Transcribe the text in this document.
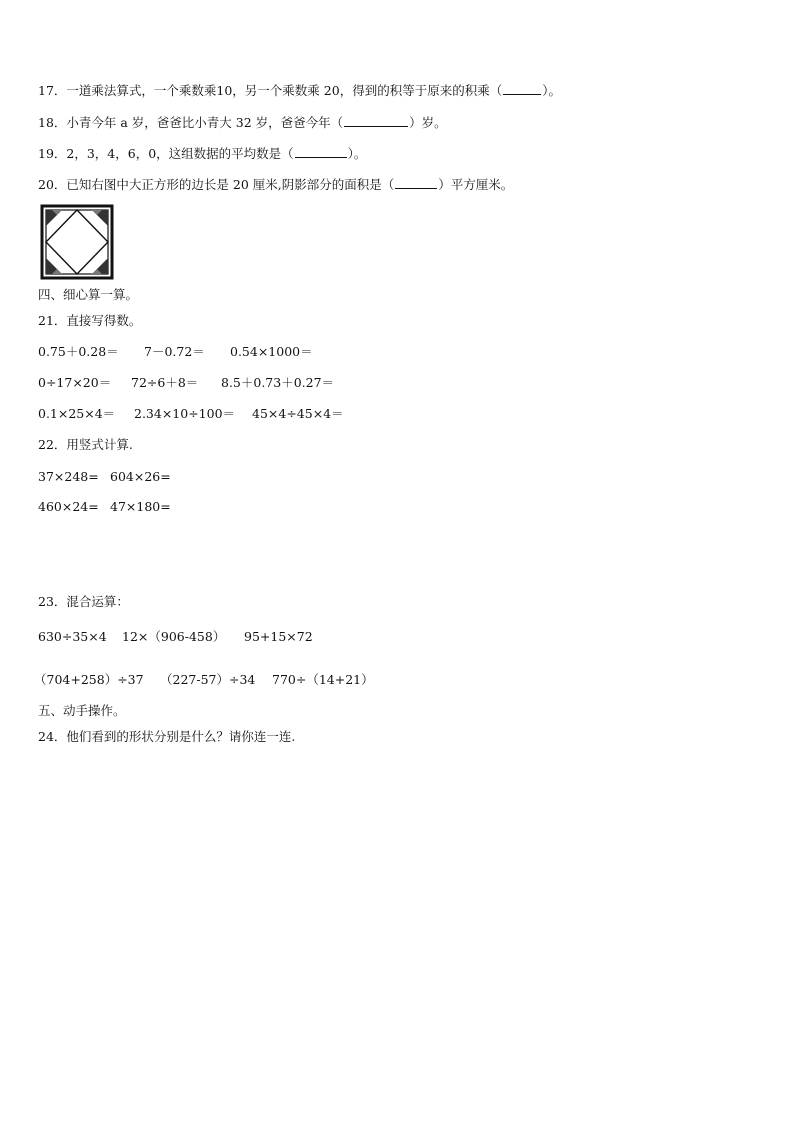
17．一道乘法算式，一个乘数乘10，另一个乘数乘 20，得到的积等于原来的积乘（	）。
18．小青今年 a 岁，爸爸比小青大 32 岁，爸爸今年（	）岁。
19．2，3，4，6，0，这组数据的平均数是（	）。
20．已知右图中大正方形的边长是 20 厘米,阴影部分的面积是（	）平方厘米。
四、细心算一算。
21．直接写得数。
0.75＋0.28＝ 7－0.72＝ 0.54×1000＝
0÷17×20＝ 72÷6＋8＝ 8.5＋0.73＋0.27＝
0.1×25×4＝ 2.34×10÷100＝ 45×4÷45×4＝
22．用竖式计算.
37×248= 604×26=
460×24= 47×180=
23．混合运算：
630÷35×4 12×（906-458） 95+15×72
（704+258）÷37 （227-57）÷34 770÷（14+21）
五、动手操作。
24．他们看到的形状分别是什么？请你连一连.
